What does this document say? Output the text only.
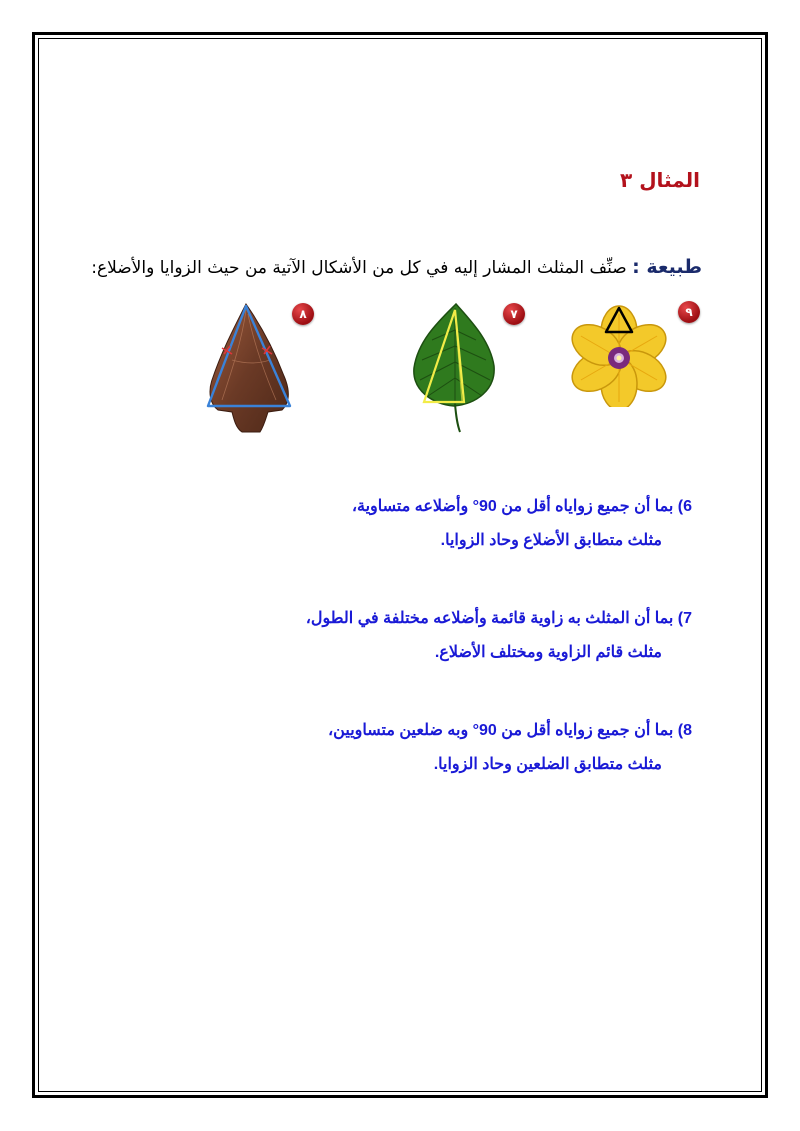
المثال ٣
طبيعة : صنِّف المثلث المشار إليه في كل من الأشكال الآتية من حيث الزوايا والأضلاع:
٩
٧
٨
6) بما أن جميع زواياه أقل من 90° وأضلاعه متساوية،
مثلث متطابق الأضلاع وحاد الزوايا.
7) بما أن المثلث به زاوية قائمة وأضلاعه مختلفة في الطول،
مثلث قائم الزاوية ومختلف الأضلاع.
8) بما أن جميع زواياه أقل من 90° وبه ضلعين متساويين،
مثلث متطابق الضلعين وحاد الزوايا.
